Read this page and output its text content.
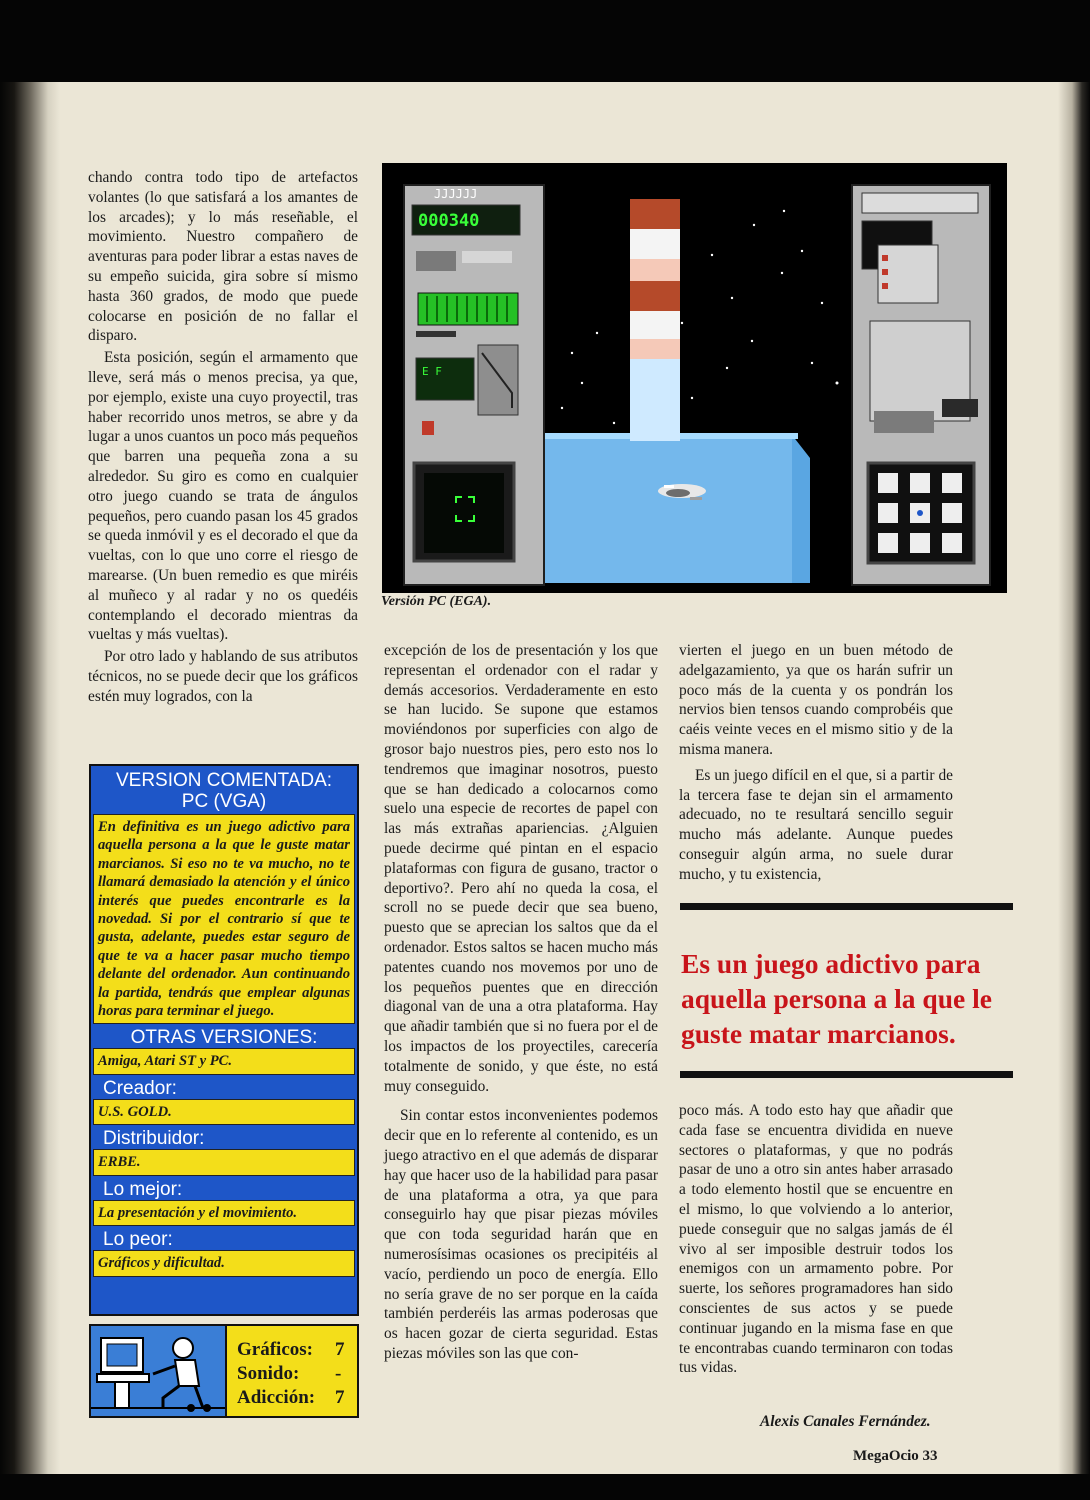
chando contra todo tipo de artefactos volantes (lo que satisfará a los amantes de los arcades); y lo más reseñable, el movimiento. Nuestro compañero de aventuras para poder librar a estas naves de su empeño suicida, gira sobre sí mismo hasta 360 grados, de modo que puede colocarse en posición de no fallar el disparo.

Esta posición, según el armamento que lleve, será más o menos precisa, ya que, por ejemplo, existe una cuyo proyectil, tras haber recorrido unos metros, se abre y da lugar a unos cuantos un poco más pequeños que barren una pequeña zona a su alrededor. Su giro es como en cualquier otro juego cuando se trata de ángulos pequeños, pero cuando pasan los 45 grados se queda inmóvil y es el decorado el que da vueltas, con lo que uno corre el riesgo de marearse. (Un buen remedio es que miréis al muñeco y al radar y no os quedéis contemplando el decorado mientras da vueltas y más vueltas).

Por otro lado y hablando de sus atributos técnicos, no se puede decir que los gráficos estén muy logrados, con la

JJJJJJ
000340
E F
Versión PC (EGA).
VERSION COMENTADA:
PC (VGA)
En definitiva es un juego adictivo para aquella persona a la que le guste matar marcianos. Si eso no te va mucho, no te llamará demasiado la atención y el único interés que puedes encontrarle es la novedad. Si por el contrario sí que te gusta, adelante, puedes estar seguro de que te va a hacer pasar mucho tiempo delante del ordenador. Aun continuando la partida, tendrás que emplear algunas horas para terminar el juego.
OTRAS VERSIONES:
Amiga, Atari ST y PC.
Creador:
U.S. GOLD.
Distribuidor:
ERBE.
Lo mejor:
La presentación y el movimiento.
Lo peor:
Gráficos y dificultad.
Gráficos: 7
Sonido: -
Adicción: 7

excepción de los de presentación y los que representan el ordenador con el radar y demás accesorios. Verdaderamente en esto se han lucido. Se supone que estamos moviéndonos por superficies con algo de grosor bajo nuestros pies, pero esto nos lo tendremos que imaginar nosotros, puesto que se han dedicado a colocarnos como suelo una especie de recortes de papel con las más extrañas apariencias. ¿Alguien puede decirme qué pintan en el espacio plataformas con figura de gusano, tractor o deportivo?. Pero ahí no queda la cosa, el scroll no se puede decir que sea bueno, puesto que se aprecian los saltos que da el ordenador. Estos saltos se hacen mucho más patentes cuando nos movemos por uno de los pequeños puentes que en dirección diagonal van de una a otra plataforma. Hay que añadir también que si no fuera por el de los impactos de los proyectiles, carecería totalmente de sonido, y que éste, no está muy conseguido.

Sin contar estos inconvenientes podemos decir que en lo referente al contenido, es un juego atractivo en el que además de disparar hay que hacer uso de la habilidad para pasar de una plataforma a otra, ya que para conseguirlo hay que pisar piezas móviles que con toda seguridad harán que en numerosísimas ocasiones os precipitéis al vacío, perdiendo un poco de energía. Ello no sería grave de no ser porque en la caída también perderéis las armas poderosas que os hacen gozar de cierta seguridad. Estas piezas móviles son las que con-

vierten el juego en un buen método de adelgazamiento, ya que os harán sufrir un poco más de la cuenta y os pondrán los nervios bien tensos cuando comprobéis que caéis veinte veces en el mismo sitio y de la misma manera.

Es un juego difícil en el que, si a partir de la tercera fase te dejan sin el armamento adecuado, no te resultará sencillo seguir mucho más adelante. Aunque puedes conseguir algún arma, no suele durar mucho, y tu existencia,

Es un juego adictivo para aquella persona a la que le guste matar marcianos.

poco más. A todo esto hay que añadir que cada fase se encuentra dividida en nueve sectores o plataformas, y que no podrás pasar de uno a otro sin antes haber arrasado a todo elemento hostil que se encuentre en el mismo, lo que volviendo a lo anterior, puede conseguir que no salgas jamás de él vivo al ser imposible destruir todos los enemigos con un armamento pobre. Por suerte, los señores programadores han sido conscientes de sus actos y se puede continuar jugando en la misma fase en que te encontrabas cuando terminaron con todas tus vidas.

Alexis Canales Fernández.
MegaOcio 33
